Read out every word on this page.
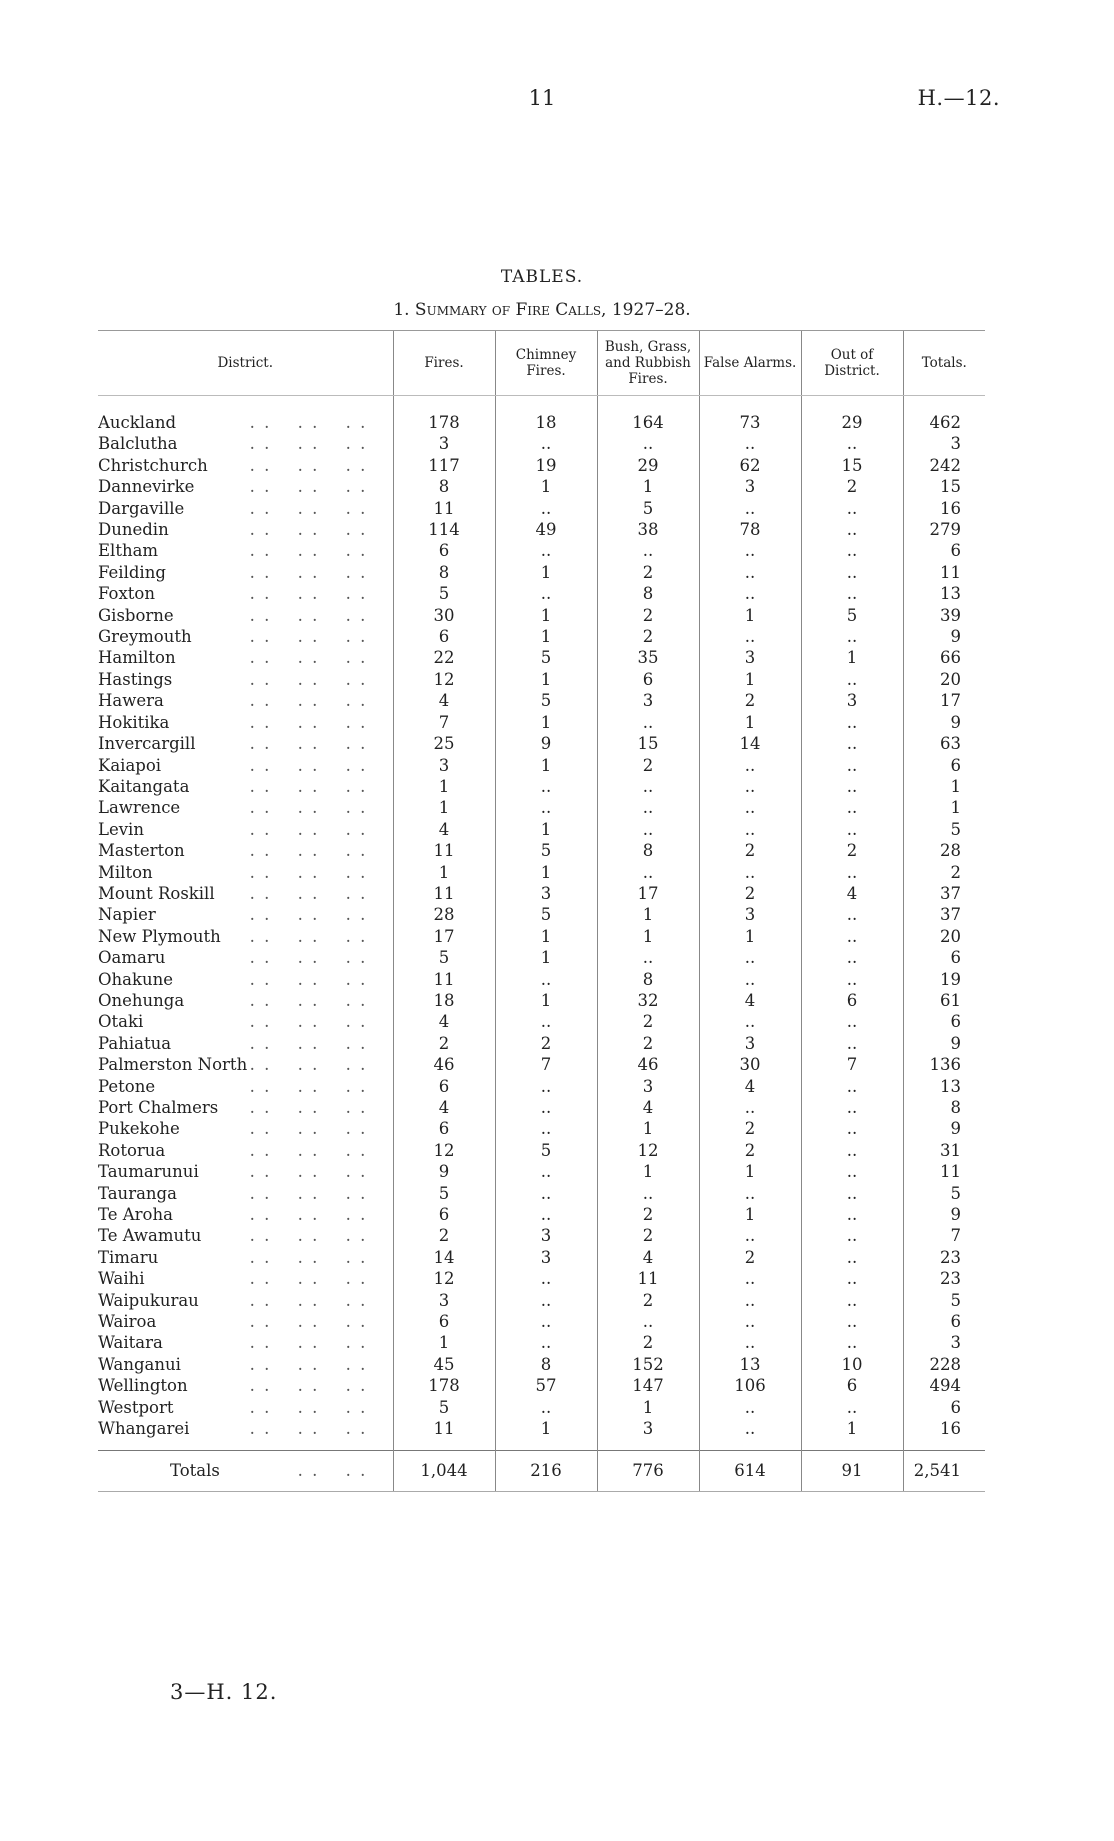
11	H.—12.
TABLES.
1. Summary of Fire Calls, 1927–28.
District.	Fires.	Chimney Fires.	Bush, Grass, and Rubbish Fires.	False Alarms.	Out of District.	Totals.

Auckland . . . . . .	178	18	164	73	29	462
Balclutha . . . . . .	3	..	..	..	..	3
Christchurch . . . . . .	117	19	29	62	15	242
Dannevirke . . . . . .	8	1	1	3	2	15
Dargaville . . . . . .	11	..	5	..	..	16
Dunedin . . . . . .	114	49	38	78	..	279
Eltham . . . . . .	6	..	..	..	..	6
Feilding . . . . . .	8	1	2	..	..	11
Foxton . . . . . .	5	..	8	..	..	13
Gisborne . . . . . .	30	1	2	1	5	39
Greymouth . . . . . .	6	1	2	..	..	9
Hamilton . . . . . .	22	5	35	3	1	66
Hastings . . . . . .	12	1	6	1	..	20
Hawera . . . . . .	4	5	3	2	3	17
Hokitika . . . . . .	7	1	..	1	..	9
Invercargill . . . . . .	25	9	15	14	..	63
Kaiapoi . . . . . .	3	1	2	..	..	6
Kaitangata . . . . . .	1	..	..	..	..	1
Lawrence . . . . . .	1	..	..	..	..	1
Levin . . . . . .	4	1	..	..	..	5
Masterton . . . . . .	11	5	8	2	2	28
Milton . . . . . .	1	1	..	..	..	2
Mount Roskill . . . . . .	11	3	17	2	4	37
Napier . . . . . .	28	5	1	3	..	37
New Plymouth . . . . . .	17	1	1	1	..	20
Oamaru . . . . . .	5	1	..	..	..	6
Ohakune . . . . . .	11	..	8	..	..	19
Onehunga . . . . . .	18	1	32	4	6	61
Otaki . . . . . .	4	..	2	..	..	6
Pahiatua . . . . . .	2	2	2	3	..	9
Palmerston North . . . . . .	46	7	46	30	7	136
Petone . . . . . .	6	..	3	4	..	13
Port Chalmers . . . . . .	4	..	4	..	..	8
Pukekohe . . . . . .	6	..	1	2	..	9
Rotorua . . . . . .	12	5	12	2	..	31
Taumarunui . . . . . .	9	..	1	1	..	11
Tauranga . . . . . .	5	..	..	..	..	5
Te Aroha . . . . . .	6	..	2	1	..	9
Te Awamutu . . . . . .	2	3	2	..	..	7
Timaru . . . . . .	14	3	4	2	..	23
Waihi . . . . . .	12	..	11	..	..	23
Waipukurau . . . . . .	3	..	2	..	..	5
Wairoa . . . . . .	6	..	..	..	..	6
Waitara . . . . . .	1	..	2	..	..	3
Wanganui . . . . . .	45	8	152	13	10	228
Wellington . . . . . .	178	57	147	106	6	494
Westport . . . . . .	5	..	1	..	..	6
Whangarei . . . . . .	11	1	3	..	1	16

Totals . . . .	1,044	216	776	614	91	2,541
3—H. 12.
